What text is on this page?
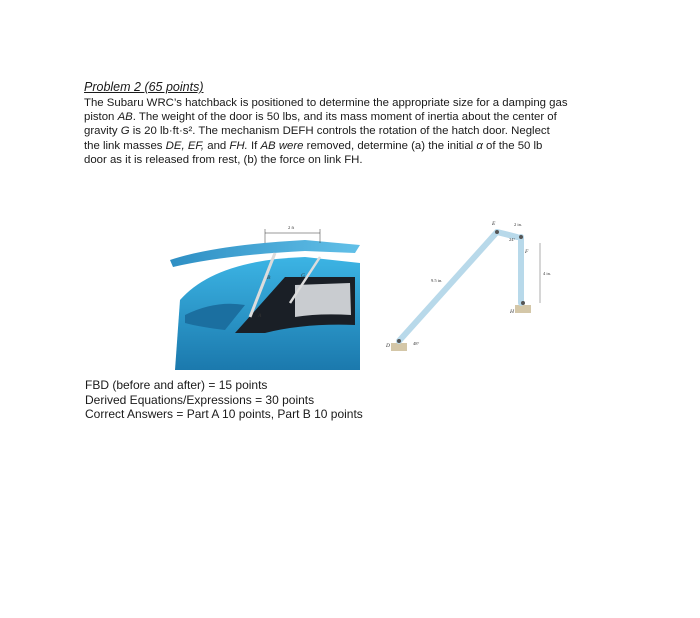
Problem 2 (65 points)

The Subaru WRC’s hatchback is positioned to determine the appropriate size for a damping gas
piston AB. The weight of the door is 50 lbs, and its mass moment of inertia about the center of
gravity G is 20 lb·ft·s². The mechanism DEFH controls the rotation of the hatch door. Neglect
the link masses DE, EF, and FH. If AB were removed, determine (a) the initial α of the 50 lb
door as it is released from rest, (b) the force on link FH.

2 ft
A
B	G
D
E
F
H
9.5 in.
2 in.
24°
4 in.
48°
FBD (before and after) = 15 points
Derived Equations/Expressions = 30 points
Correct Answers = Part A 10 points, Part B 10 points
